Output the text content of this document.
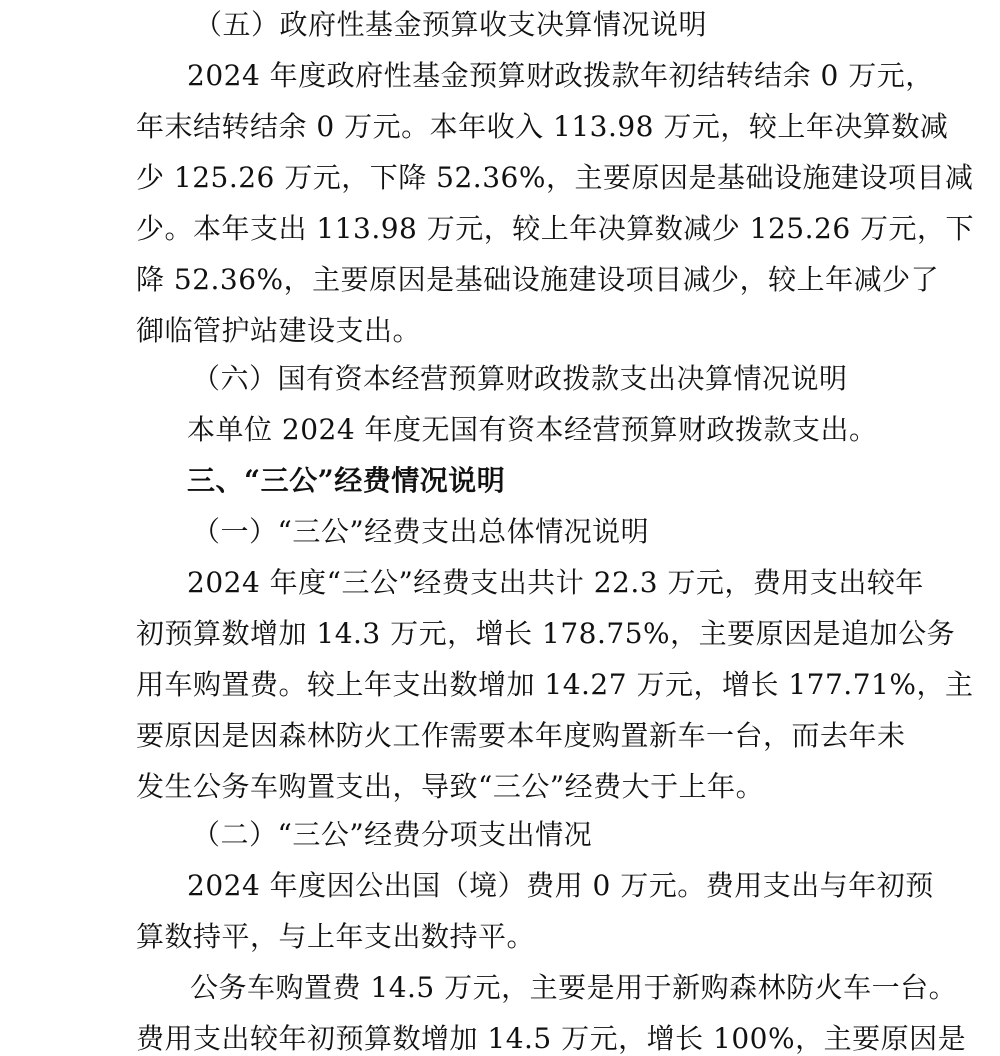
（五）政府性基金预算收支决算情况说明
2024 年度政府性基金预算财政拨款年初结转结余 0 万元，
年末结转结余 0 万元。本年收入 113.98 万元，较上年决算数减
少 125.26 万元，下降 52.36%，主要原因是基础设施建设项目减
少。本年支出 113.98 万元，较上年决算数减少 125.26 万元，下
降 52.36%，主要原因是基础设施建设项目减少，较上年减少了
御临管护站建设支出。
（六）国有资本经营预算财政拨款支出决算情况说明
本单位 2024 年度无国有资本经营预算财政拨款支出。
三、“三公”经费情况说明
（一）“三公”经费支出总体情况说明
2024 年度“三公”经费支出共计 22.3 万元，费用支出较年
初预算数增加 14.3 万元，增长 178.75%，主要原因是追加公务
用车购置费。较上年支出数增加 14.27 万元，增长 177.71%，主
要原因是因森林防火工作需要本年度购置新车一台，而去年未
发生公务车购置支出，导致“三公”经费大于上年。
（二）“三公”经费分项支出情况
2024 年度因公出国（境）费用 0 万元。费用支出与年初预
算数持平，与上年支出数持平。
公务车购置费 14.5 万元，主要是用于新购森林防火车一台。
费用支出较年初预算数增加 14.5 万元，增长 100%，主要原因是
